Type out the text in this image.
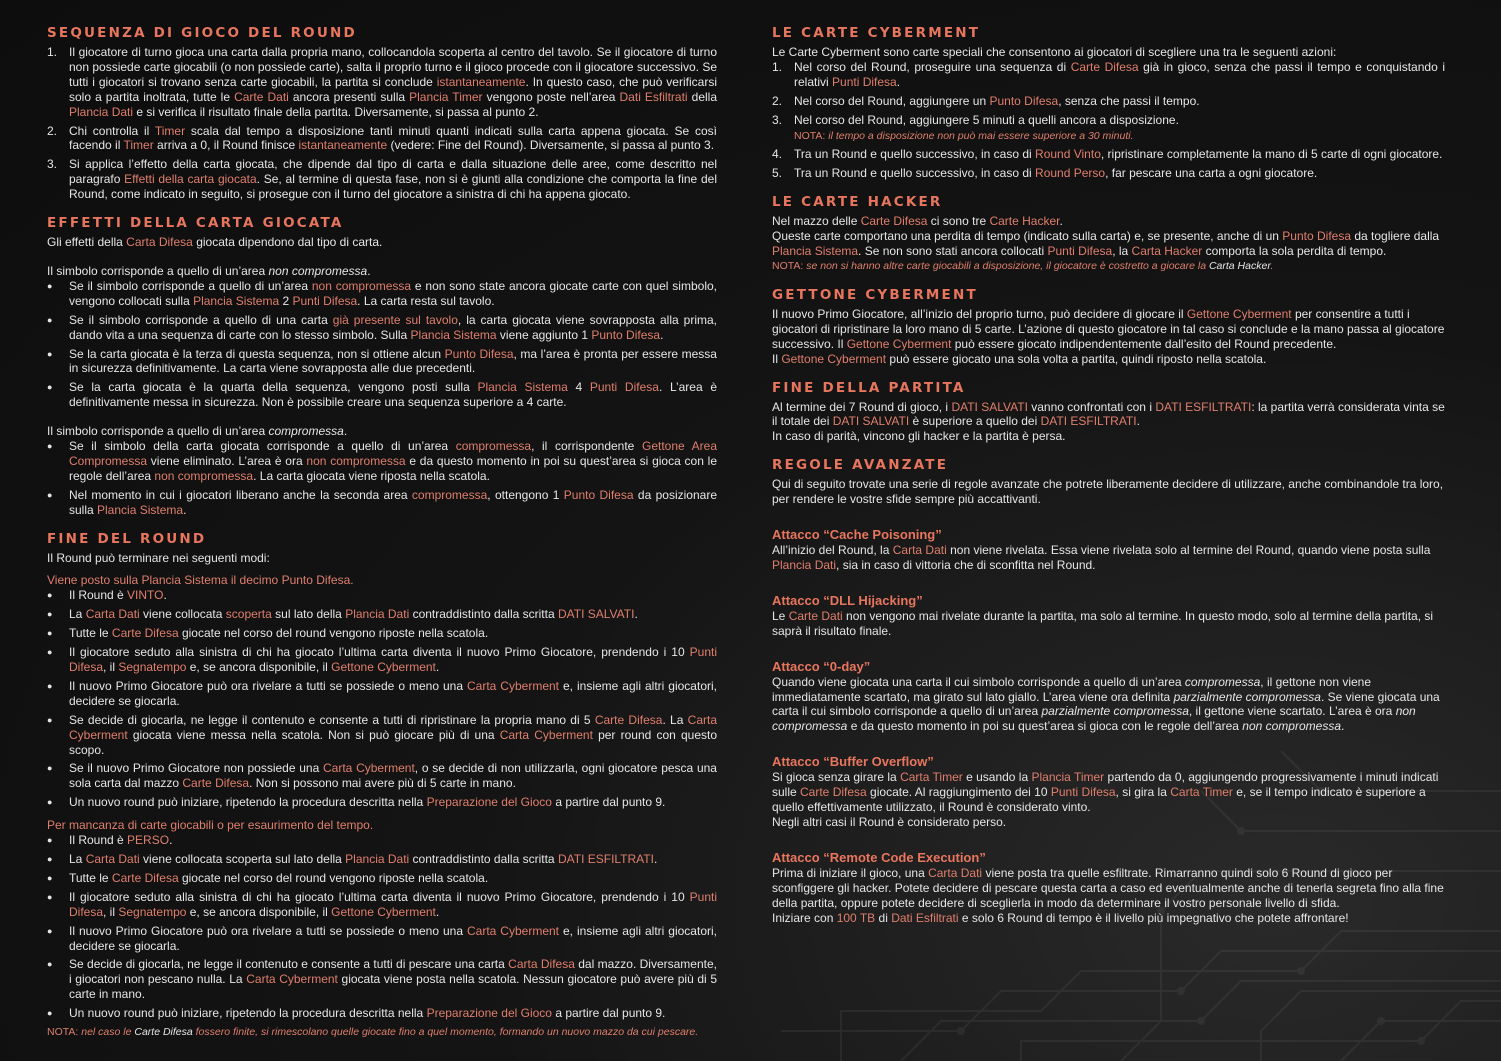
SEQUENZA DI GIOCO DEL ROUND
1. Il giocatore di turno gioca una carta dalla propria mano, collocandola scoperta al centro del tavolo. Se il giocatore di turno non possiede carte giocabili (o non possiede carte), salta il proprio turno e il gioco procede con il giocatore successivo. Se tutti i giocatori si trovano senza carte giocabili, la partita si conclude istantaneamente. In questo caso, che può verificarsi solo a partita inoltrata, tutte le Carte Dati ancora presenti sulla Plancia Timer vengono poste nell’area Dati Esfiltrati della Plancia Dati e si verifica il risultato finale della partita. Diversamente, si passa al punto 2.
2. Chi controlla il Timer scala dal tempo a disposizione tanti minuti quanti indicati sulla carta appena giocata. Se così facendo il Timer arriva a 0, il Round finisce istantaneamente (vedere: Fine del Round). Diversamente, si passa al punto 3.
3. Si applica l’effetto della carta giocata, che dipende dal tipo di carta e dalla situazione delle aree, come descritto nel paragrafo Effetti della carta giocata. Se, al termine di questa fase, non si è giunti alla condizione che comporta la fine del Round, come indicato in seguito, si prosegue con il turno del giocatore a sinistra di chi ha appena giocato.
EFFETTI DELLA CARTA GIOCATA

Gli effetti della Carta Difesa giocata dipendono dal tipo di carta.

Il simbolo corrisponde a quello di un’area non compromessa.

● Se il simbolo corrisponde a quello di un’area non compromessa e non sono state ancora giocate carte con quel simbolo, vengono collocati sulla Plancia Sistema 2 Punti Difesa. La carta resta sul tavolo.
● Se il simbolo corrisponde a quello di una carta già presente sul tavolo, la carta giocata viene sovrapposta alla prima, dando vita a una sequenza di carte con lo stesso simbolo. Sulla Plancia Sistema viene aggiunto 1 Punto Difesa.
● Se la carta giocata è la terza di questa sequenza, non si ottiene alcun Punto Difesa, ma l’area è pronta per essere messa in sicurezza definitivamente. La carta viene sovrapposta alle due precedenti.
● Se la carta giocata è la quarta della sequenza, vengono posti sulla Plancia Sistema 4 Punti Difesa. L’area è definitivamente messa in sicurezza. Non è possibile creare una sequenza superiore a 4 carte.

Il simbolo corrisponde a quello di un’area compromessa.

● Se il simbolo della carta giocata corrisponde a quello di un’area compromessa, il corrispondente Gettone Area Compromessa viene eliminato. L’area è ora non compromessa e da questo momento in poi su quest’area si gioca con le regole dell’area non compromessa. La carta giocata viene riposta nella scatola.
● Nel momento in cui i giocatori liberano anche la seconda area compromessa, ottengono 1 Punto Difesa da posizionare sulla Plancia Sistema.
FINE DEL ROUND

Il Round può terminare nei seguenti modi:

Viene posto sulla Plancia Sistema il decimo Punto Difesa.

● Il Round è VINTO.
● La Carta Dati viene collocata scoperta sul lato della Plancia Dati contraddistinto dalla scritta DATI SALVATI.
● Tutte le Carte Difesa giocate nel corso del round vengono riposte nella scatola.
● Il giocatore seduto alla sinistra di chi ha giocato l’ultima carta diventa il nuovo Primo Giocatore, prendendo i 10 Punti Difesa, il Segnatempo e, se ancora disponibile, il Gettone Cyberment.
● Il nuovo Primo Giocatore può ora rivelare a tutti se possiede o meno una Carta Cyberment e, insieme agli altri giocatori, decidere se giocarla.
● Se decide di giocarla, ne legge il contenuto e consente a tutti di ripristinare la propria mano di 5 Carte Difesa. La Carta Cyberment giocata viene messa nella scatola. Non si può giocare più di una Carta Cyberment per round con questo scopo.
● Se il nuovo Primo Giocatore non possiede una Carta Cyberment, o se decide di non utilizzarla, ogni giocatore pesca una sola carta dal mazzo Carte Difesa. Non si possono mai avere più di 5 carte in mano.
● Un nuovo round può iniziare, ripetendo la procedura descritta nella Preparazione del Gioco a partire dal punto 9.

Per mancanza di carte giocabili o per esaurimento del tempo.

● Il Round è PERSO.
● La Carta Dati viene collocata scoperta sul lato della Plancia Dati contraddistinto dalla scritta DATI ESFILTRATI.
● Tutte le Carte Difesa giocate nel corso del round vengono riposte nella scatola.
● Il giocatore seduto alla sinistra di chi ha giocato l’ultima carta diventa il nuovo Primo Giocatore, prendendo i 10 Punti Difesa, il Segnatempo e, se ancora disponibile, il Gettone Cyberment.
● Il nuovo Primo Giocatore può ora rivelare a tutti se possiede o meno una Carta Cyberment e, insieme agli altri giocatori, decidere se giocarla.
● Se decide di giocarla, ne legge il contenuto e consente a tutti di pescare una carta Carta Difesa dal mazzo. Diversamente, i giocatori non pescano nulla. La Carta Cyberment giocata viene posta nella scatola. Nessun giocatore può avere più di 5 carte in mano.
● Un nuovo round può iniziare, ripetendo la procedura descritta nella Preparazione del Gioco a partire dal punto 9.

NOTA: nel caso le Carte Difesa fossero finite, si rimescolano quelle giocate fino a quel momento, formando un nuovo mazzo da cui pescare.

LE CARTE CYBERMENT

Le Carte Cyberment sono carte speciali che consentono ai giocatori di scegliere una tra le seguenti azioni:

1. Nel corso del Round, proseguire una sequenza di Carte Difesa già in gioco, senza che passi il tempo e conquistando i relativi Punti Difesa.
2. Nel corso del Round, aggiungere un Punto Difesa, senza che passi il tempo.
3. Nel corso del Round, aggiungere 5 minuti a quelli ancora a disposizione.

NOTA: il tempo a disposizione non può mai essere superiore a 30 minuti.

4. Tra un Round e quello successivo, in caso di Round Vinto, ripristinare completamente la mano di 5 carte di ogni giocatore.
5. Tra un Round e quello successivo, in caso di Round Perso, far pescare una carta a ogni giocatore.
LE CARTE HACKER

Nel mazzo delle Carte Difesa ci sono tre Carte Hacker.

Queste carte comportano una perdita di tempo (indicato sulla carta) e, se presente, anche di un Punto Difesa da togliere dalla Plancia Sistema. Se non sono stati ancora collocati Punti Difesa, la Carta Hacker comporta la sola perdita di tempo.

NOTA: se non si hanno altre carte giocabili a disposizione, il giocatore è costretto a giocare la Carta Hacker.

GETTONE CYBERMENT

Il nuovo Primo Giocatore, all’inizio del proprio turno, può decidere di giocare il Gettone Cyberment per consentire a tutti i giocatori di ripristinare la loro mano di 5 carte. L’azione di questo giocatore in tal caso si conclude e la mano passa al giocatore successivo. Il Gettone Cyberment può essere giocato indipendentemente dall’esito del Round precedente.

Il Gettone Cyberment può essere giocato una sola volta a partita, quindi riposto nella scatola.

FINE DELLA PARTITA

Al termine dei 7 Round di gioco, i DATI SALVATI vanno confrontati con i DATI ESFILTRATI: la partita verrà considerata vinta se il totale dei DATI SALVATI è superiore a quello dei DATI ESFILTRATI.

In caso di parità, vincono gli hacker e la partita è persa.

REGOLE AVANZATE

Qui di seguito trovate una serie di regole avanzate che potrete liberamente decidere di utilizzare, anche combinandole tra loro, per rendere le vostre sfide sempre più accattivanti.

Attacco “Cache Poisoning”

All’inizio del Round, la Carta Dati non viene rivelata. Essa viene rivelata solo al termine del Round, quando viene posta sulla Plancia Dati, sia in caso di vittoria che di sconfitta nel Round.

Attacco “DLL Hijacking”

Le Carte Dati non vengono mai rivelate durante la partita, ma solo al termine. In questo modo, solo al termine della partita, si saprà il risultato finale.

Attacco “0-day”

Quando viene giocata una carta il cui simbolo corrisponde a quello di un’area compromessa, il gettone non viene immediatamente scartato, ma girato sul lato giallo. L’area viene ora definita parzialmente compromessa. Se viene giocata una carta il cui simbolo corrisponde a quello di un’area parzialmente compromessa, il gettone viene scartato. L’area è ora non compromessa e da questo momento in poi su quest’area si gioca con le regole dell’area non compromessa.

Attacco “Buffer Overflow”

Si gioca senza girare la Carta Timer e usando la Plancia Timer partendo da 0, aggiungendo progressivamente i minuti indicati sulle Carte Difesa giocate. Al raggiungimento dei 10 Punti Difesa, si gira la Carta Timer e, se il tempo indicato è superiore a quello effettivamente utilizzato, il Round è considerato vinto.

Negli altri casi il Round è considerato perso.

Attacco “Remote Code Execution”

Prima di iniziare il gioco, una Carta Dati viene posta tra quelle esfiltrate. Rimarranno quindi solo 6 Round di gioco per sconfiggere gli hacker. Potete decidere di pescare questa carta a caso ed eventualmente anche di tenerla segreta fino alla fine della partita, oppure potete decidere di sceglierla in modo da determinare il vostro personale livello di sfida.

Iniziare con 100 TB di Dati Esfiltrati e solo 6 Round di tempo è il livello più impegnativo che potete affrontare!
